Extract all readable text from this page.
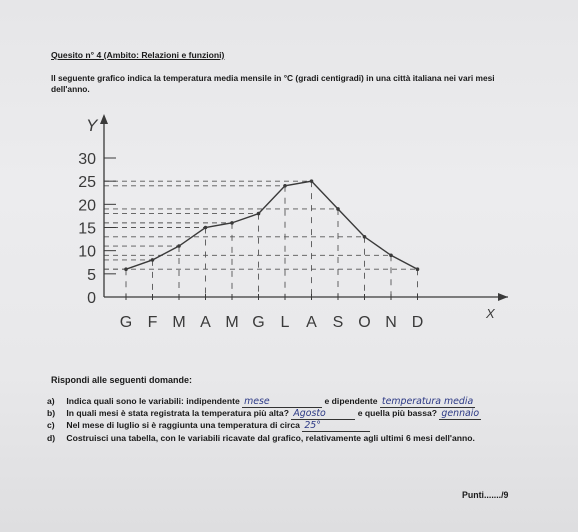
Quesito n° 4 (Ambito: Relazioni e funzioni)
Il seguente grafico indica la temperatura media mensile in °C (gradi centigradi) in una città italiana nei vari mesi dell'anno.
Y
X
0
5
10
15
20
25
30
G F M A M G L A S O N D
Rispondi alle seguenti domande:
a) Indica quali sono le variabili: indipendente mese	e dipendente temperatura media
b) In quali mesi è stata registrata la temperatura più alta? Agosto	e quella più bassa? gennaio
c) Nel mese di luglio si è raggiunta una temperatura di circa 25°
d) Costruisci una tabella, con le variabili ricavate dal grafico, relativamente agli ultimi 6 mesi dell'anno.
Punti......./9
